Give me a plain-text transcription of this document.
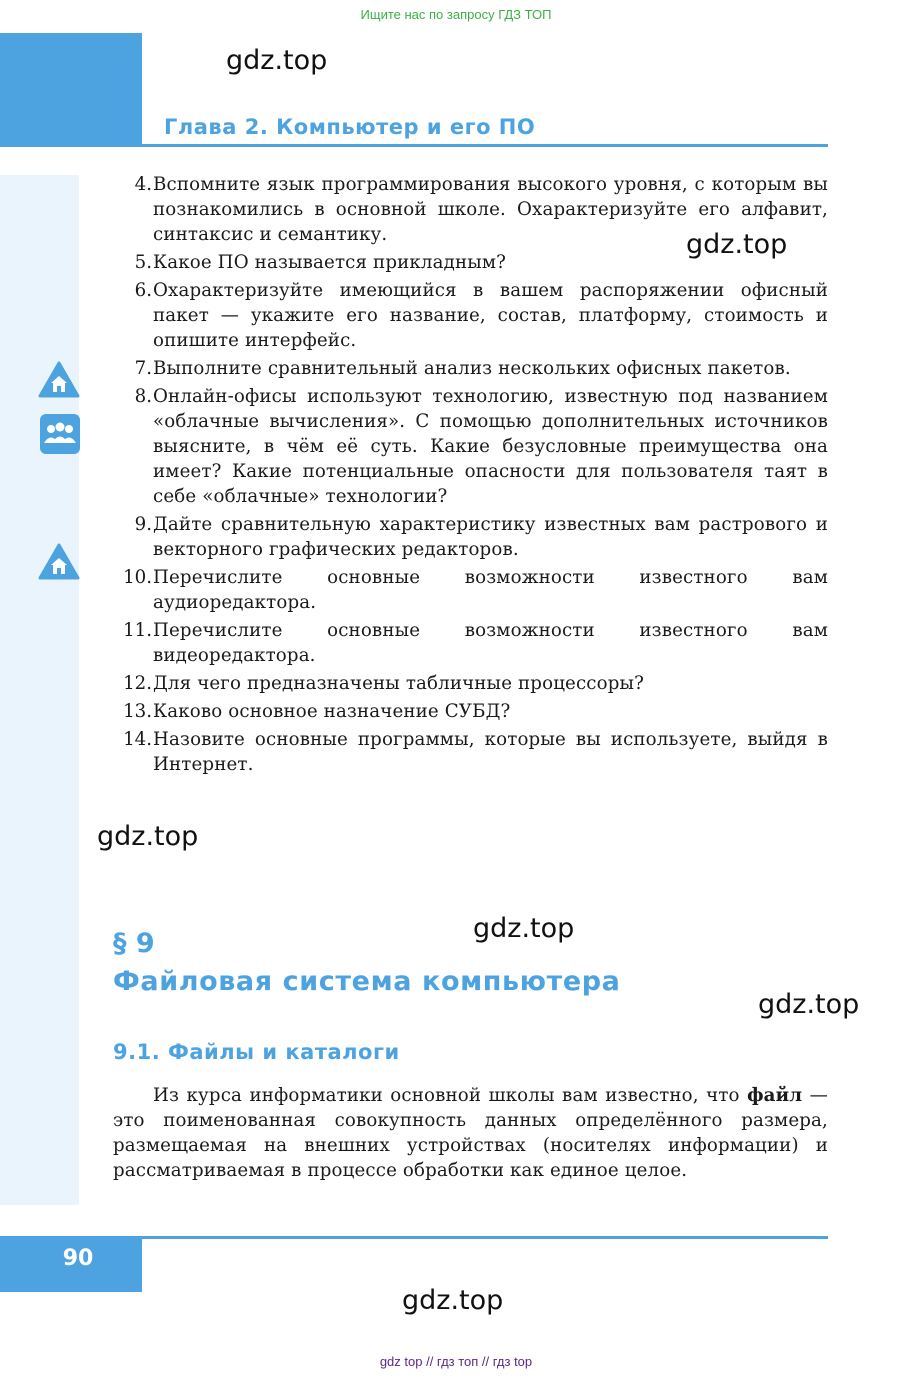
Ищите нас по запросу ГДЗ ТОП
Глава 2. Компьютер и его ПО
gdz.top
gdz.top
gdz.top
gdz.top
gdz.top
gdz.top
4. Вспомните язык программирования высокого уровня, с которым вы познакомились в основной школе. Охарактеризуйте его алфавит, синтаксис и семантику.
5. Какое ПО называется прикладным?
6. Охарактеризуйте имеющийся в вашем распоряжении офисный пакет — укажите его название, состав, платформу, стоимость и опишите интерфейс.
7. Выполните сравнительный анализ нескольких офисных пакетов.
8. Онлайн-офисы используют технологию, известную под названием «облачные вычисления». С помощью дополнительных источников выясните, в чём её суть. Какие безусловные преимущества она имеет? Какие потенциальные опасности для пользователя таят в себе «облачные» технологии?
9. Дайте сравнительную характеристику известных вам растрового и векторного графических редакторов.
10. Перечислите основные возможности известного вам аудиоредактора.
11. Перечислите основные возможности известного вам видеоредактора.
12. Для чего предназначены табличные процессоры?
13. Каково основное назначение СУБД?
14. Назовите основные программы, которые вы используете, выйдя в Интернет.
§ 9
Файловая система компьютера
9.1. Файлы и каталоги
Из курса информатики основной школы вам известно, что файл — это поименованная совокупность данных определённого размера, размещаемая на внешних устройствах (носителях информации) и рассматриваемая в процессе обработки как единое целое.
90
gdz top // гдз топ // гдз top
